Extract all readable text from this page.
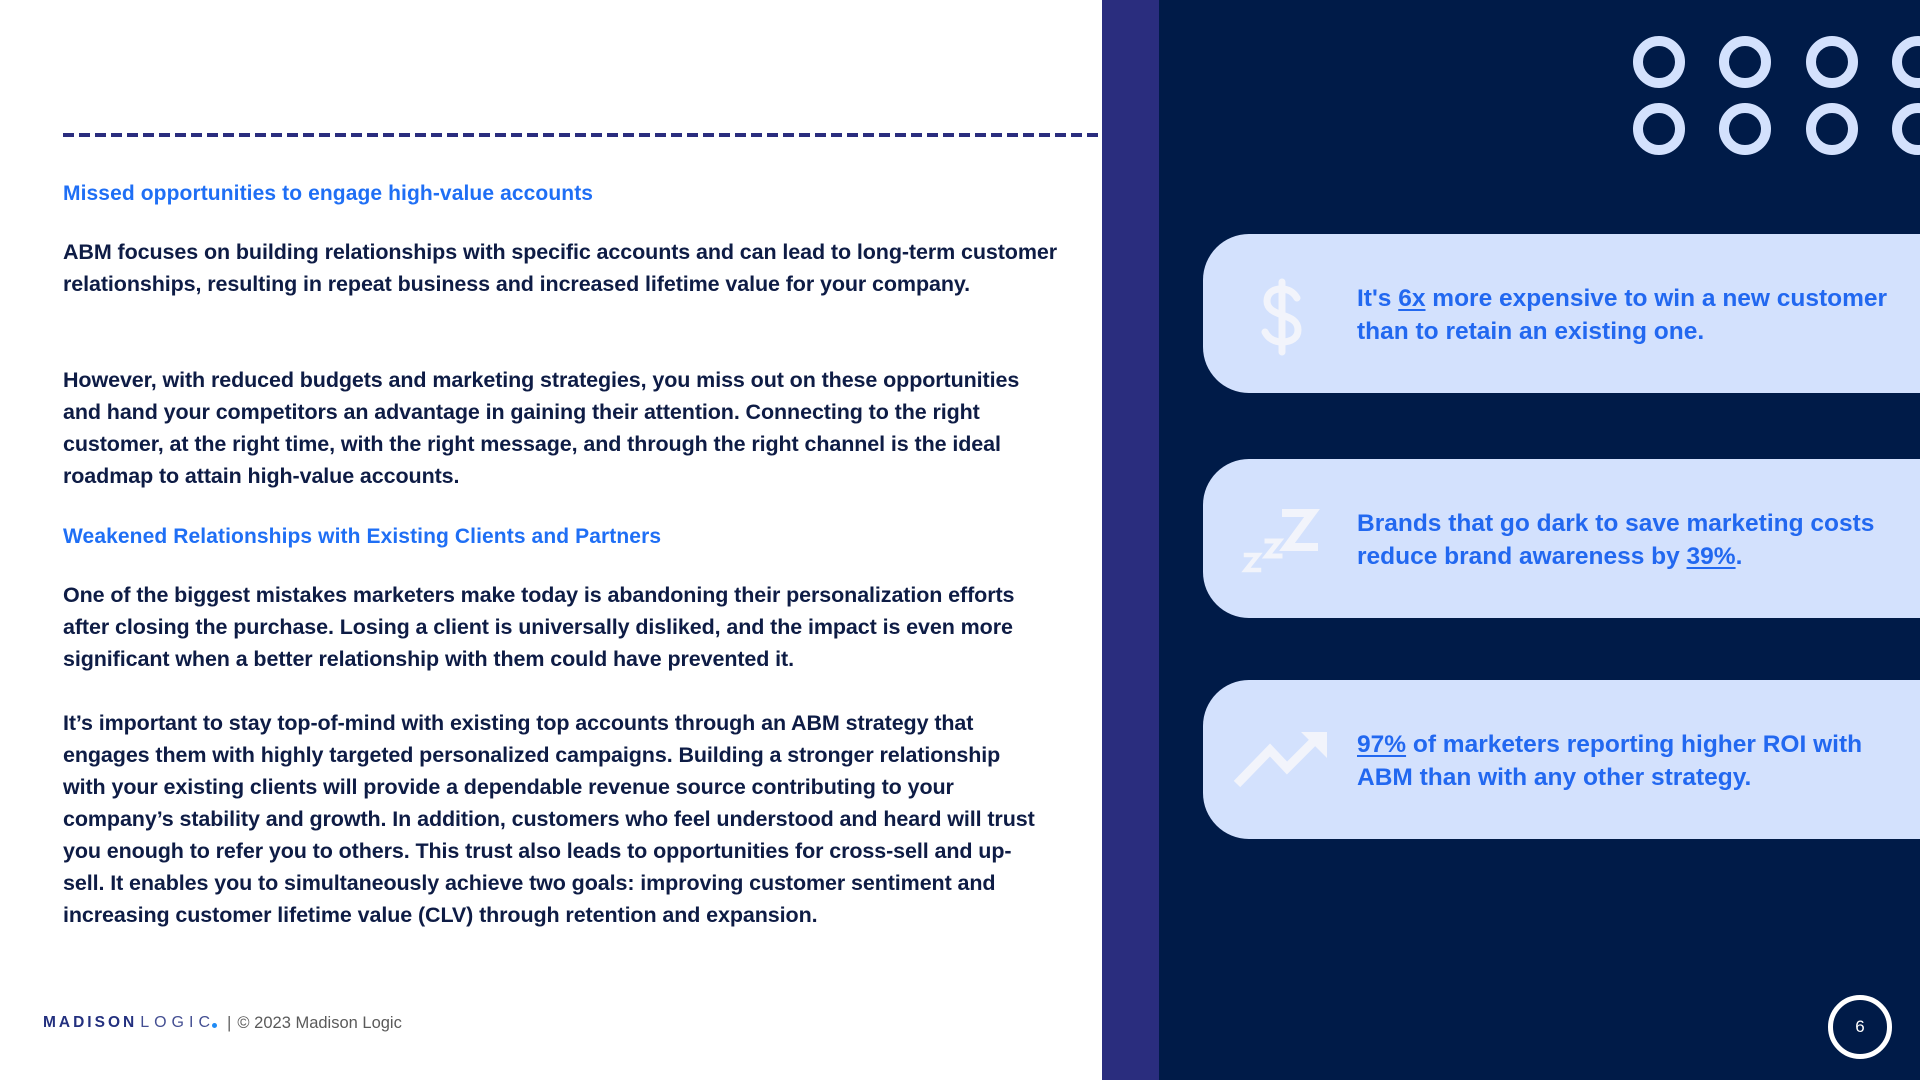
Missed opportunities to engage high-value accounts

ABM focuses on building relationships with specific accounts and can lead to long-term customer relationships, resulting in repeat business and increased lifetime value for your company.

However, with reduced budgets and marketing strategies, you miss out on these opportunities and hand your competitors an advantage in gaining their attention. Connecting to the right customer, at the right time, with the right message, and through the right channel is the ideal roadmap to attain high-value accounts.

Weakened Relationships with Existing Clients and Partners

One of the biggest mistakes marketers make today is abandoning their personalization efforts after closing the purchase. Losing a client is universally disliked, and the impact is even more significant when a better relationship with them could have prevented it.

It’s important to stay top-of-mind with existing top accounts through an ABM strategy that engages them with highly targeted personalized campaigns. Building a stronger relationship with your existing clients will provide a dependable revenue source contributing to your company’s stability and growth. In addition, customers who feel understood and heard will trust you enough to refer you to others. This trust also leads to opportunities for cross-sell and up-sell. It enables you to simultaneously achieve two goals: improving customer sentiment and increasing customer lifetime value (CLV) through retention and expansion.

MADISON LOGIC | © 2023 Madison Logic
It's 6x more expensive to win a new customer than to retain an existing one.
Brands that go dark to save marketing costs reduce brand awareness by 39%.
97% of marketers reporting higher ROI with ABM than with any other strategy.
6
